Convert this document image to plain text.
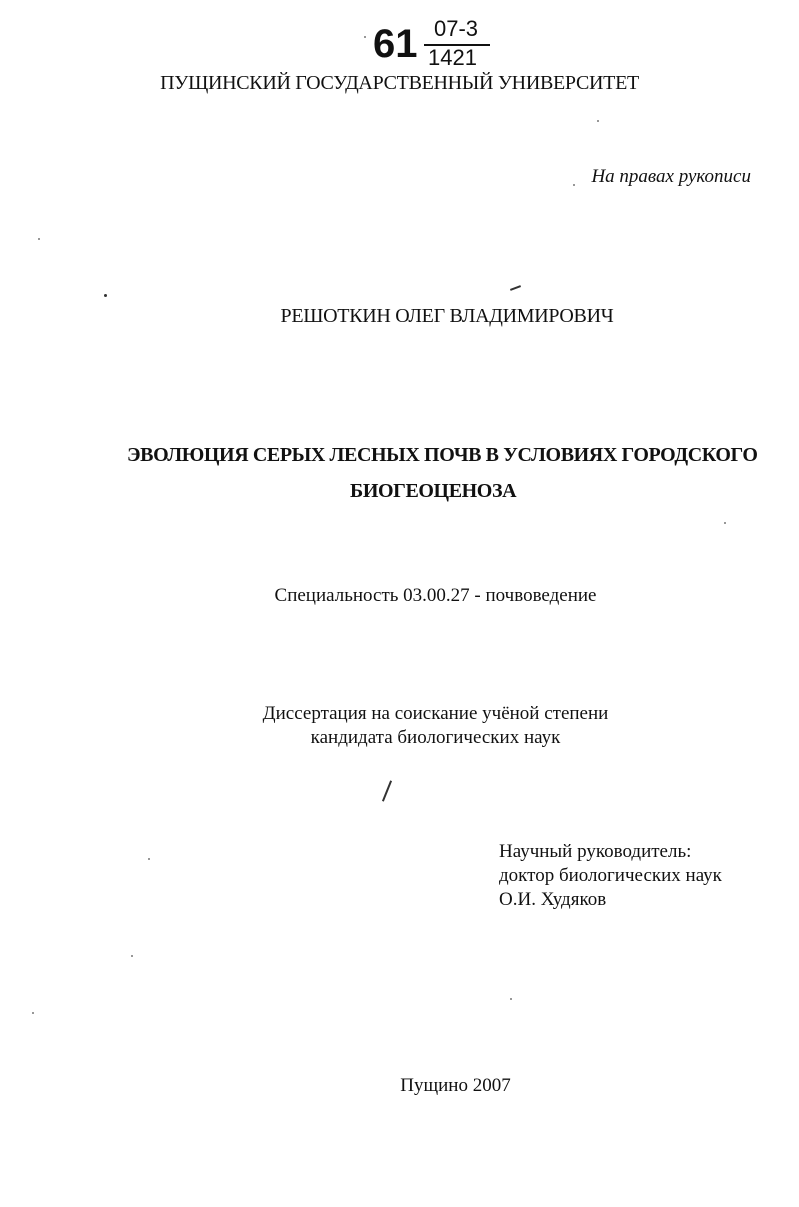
61 07-3
1421
ПУЩИНСКИЙ ГОСУДАРСТВЕННЫЙ УНИВЕРСИТЕТ
На правах рукописи
РЕШОТКИН ОЛЕГ ВЛАДИМИРОВИЧ
ЭВОЛЮЦИЯ СЕРЫХ ЛЕСНЫХ ПОЧВ В УСЛОВИЯХ ГОРОДСКОГО
БИОГЕОЦЕНОЗА
Специальность 03.00.27 - почвоведение
Диссертация на соискание учёной степени
кандидата биологических наук
Научный руководитель:
доктор биологических наук
О.И. Худяков
Пущино 2007
